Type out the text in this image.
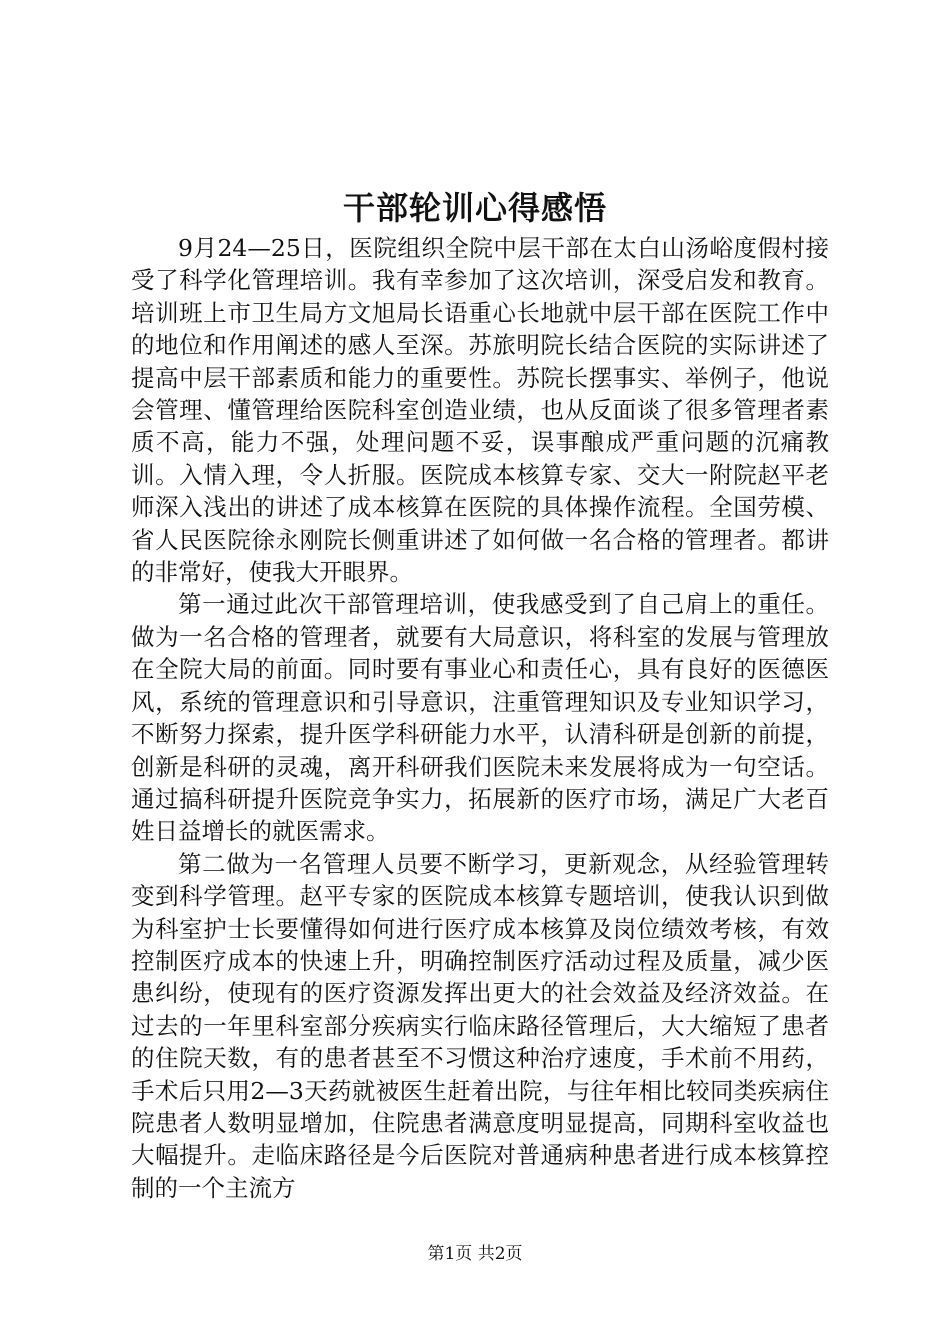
干部轮训心得感悟

9月24—25日，医院组织全院中层干部在太白山汤峪度假村接受了科学化管理培训。我有幸参加了这次培训，深受启发和教育。培训班上市卫生局方文旭局长语重心长地就中层干部在医院工作中的地位和作用阐述的感人至深。苏旅明院长结合医院的实际讲述了提高中层干部素质和能力的重要性。苏院长摆事实、举例子，他说会管理、懂管理给医院科室创造业绩，也从反面谈了很多管理者素质不高，能力不强，处理问题不妥，误事酿成严重问题的沉痛教训。入情入理，令人折服。医院成本核算专家、交大一附院赵平老师深入浅出的讲述了成本核算在医院的具体操作流程。全国劳模、省人民医院徐永刚院长侧重讲述了如何做一名合格的管理者。都讲的非常好，使我大开眼界。

第一通过此次干部管理培训，使我感受到了自己肩上的重任。做为一名合格的管理者，就要有大局意识，将科室的发展与管理放在全院大局的前面。同时要有事业心和责任心，具有良好的医德医风，系统的管理意识和引导意识，注重管理知识及专业知识学习，不断努力探索，提升医学科研能力水平，认清科研是创新的前提，创新是科研的灵魂，离开科研我们医院未来发展将成为一句空话。通过搞科研提升医院竞争实力，拓展新的医疗市场，满足广大老百姓日益增长的就医需求。

第二做为一名管理人员要不断学习，更新观念，从经验管理转变到科学管理。赵平专家的医院成本核算专题培训，使我认识到做为科室护士长要懂得如何进行医疗成本核算及岗位绩效考核，有效控制医疗成本的快速上升，明确控制医疗活动过程及质量，减少医患纠纷，使现有的医疗资源发挥出更大的社会效益及经济效益。在过去的一年里科室部分疾病实行临床路径管理后，大大缩短了患者的住院天数，有的患者甚至不习惯这种治疗速度，手术前不用药，手术后只用2—3天药就被医生赶着出院，与往年相比较同类疾病住院患者人数明显增加，住院患者满意度明显提高，同期科室收益也大幅提升。走临床路径是今后医院对普通病种患者进行成本核算控制的一个主流方

第1页 共2页
